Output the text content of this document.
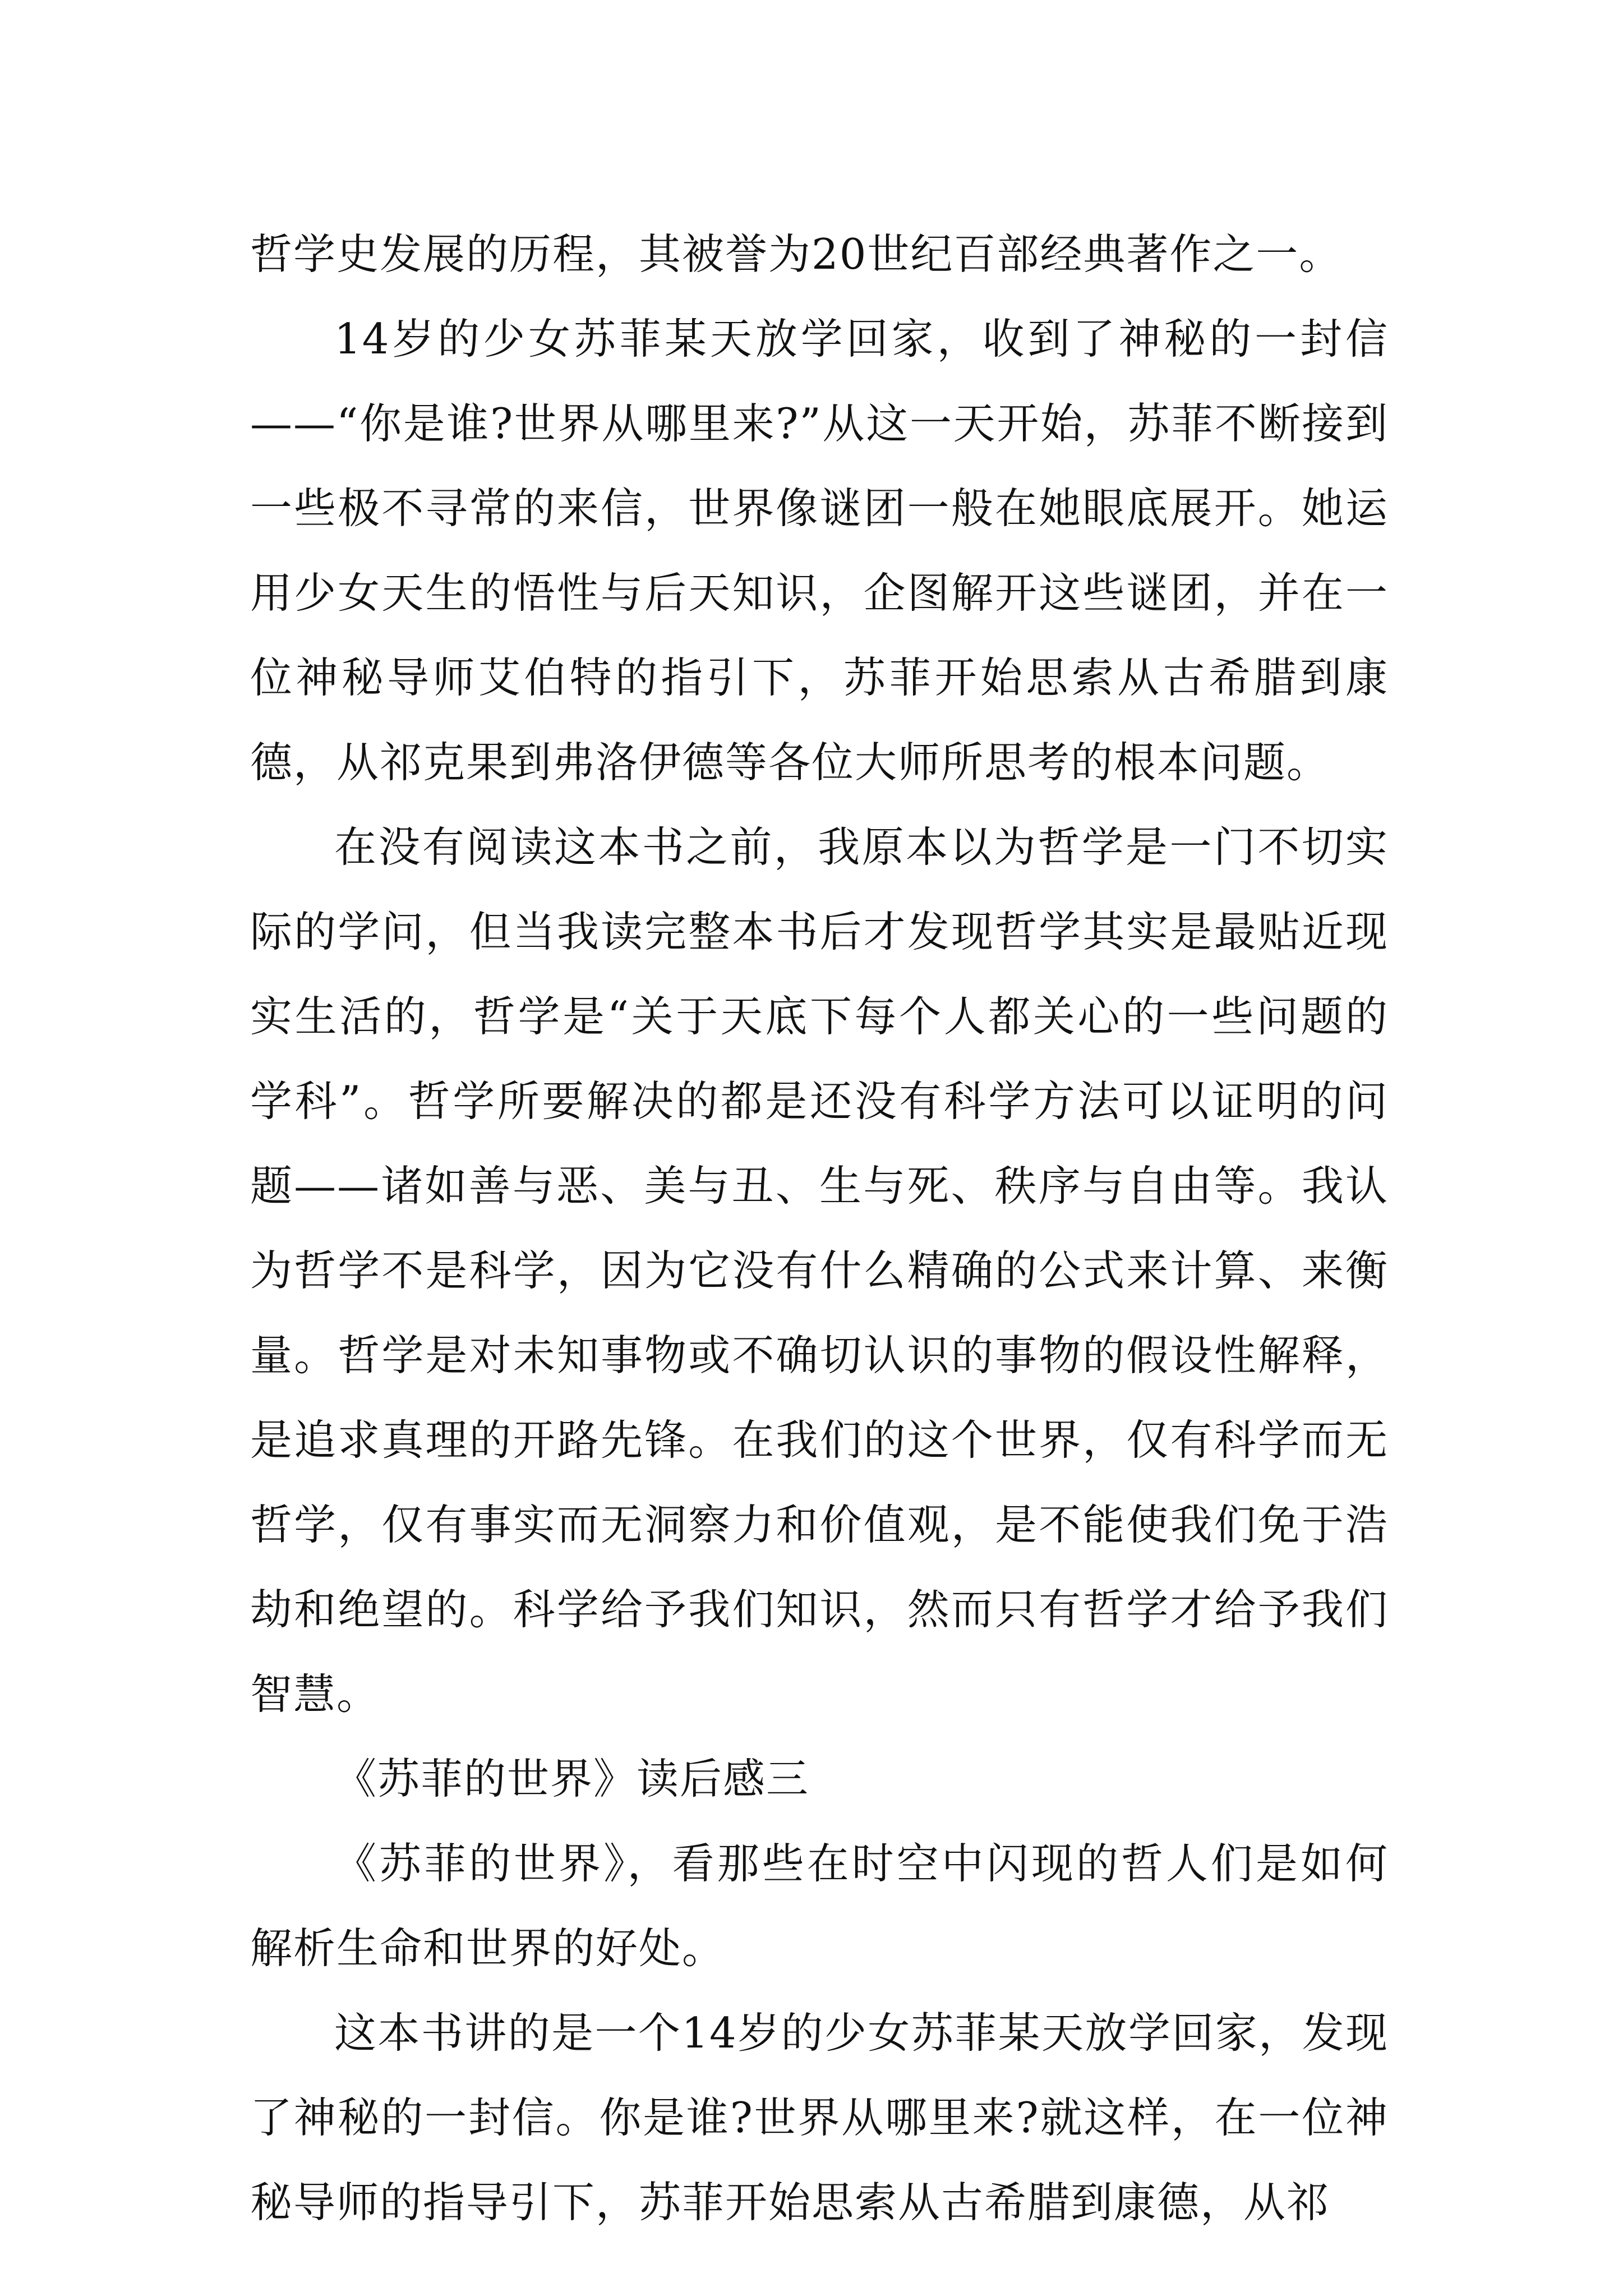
哲学史发展的历程，其被誉为20世纪百部经典著作之一。

14岁的少女苏菲某天放学回家，收到了神秘的一封信——“你是谁?世界从哪里来?”从这一天开始，苏菲不断接到一些极不寻常的来信，世界像谜团一般在她眼底展开。她运用少女天生的悟性与后天知识，企图解开这些谜团，并在一位神秘导师艾伯特的指引下，苏菲开始思索从古希腊到康德，从祁克果到弗洛伊德等各位大师所思考的根本问题。

在没有阅读这本书之前，我原本以为哲学是一门不切实际的学问，但当我读完整本书后才发现哲学其实是最贴近现实生活的，哲学是“关于天底下每个人都关心的一些问题的学科”。哲学所要解决的都是还没有科学方法可以证明的问题——诸如善与恶、美与丑、生与死、秩序与自由等。我认为哲学不是科学，因为它没有什么精确的公式来计算、来衡量。哲学是对未知事物或不确切认识的事物的假设性解释，是追求真理的开路先锋。在我们的这个世界，仅有科学而无哲学，仅有事实而无洞察力和价值观，是不能使我们免于浩劫和绝望的。科学给予我们知识，然而只有哲学才给予我们智慧。

《苏菲的世界》读后感三

《苏菲的世界》，看那些在时空中闪现的哲人们是如何解析生命和世界的好处。

这本书讲的是一个14岁的少女苏菲某天放学回家，发现了神秘的一封信。你是谁?世界从哪里来?就这样，在一位神秘导师的指导引下，苏菲开始思索从古希腊到康德，从祁
